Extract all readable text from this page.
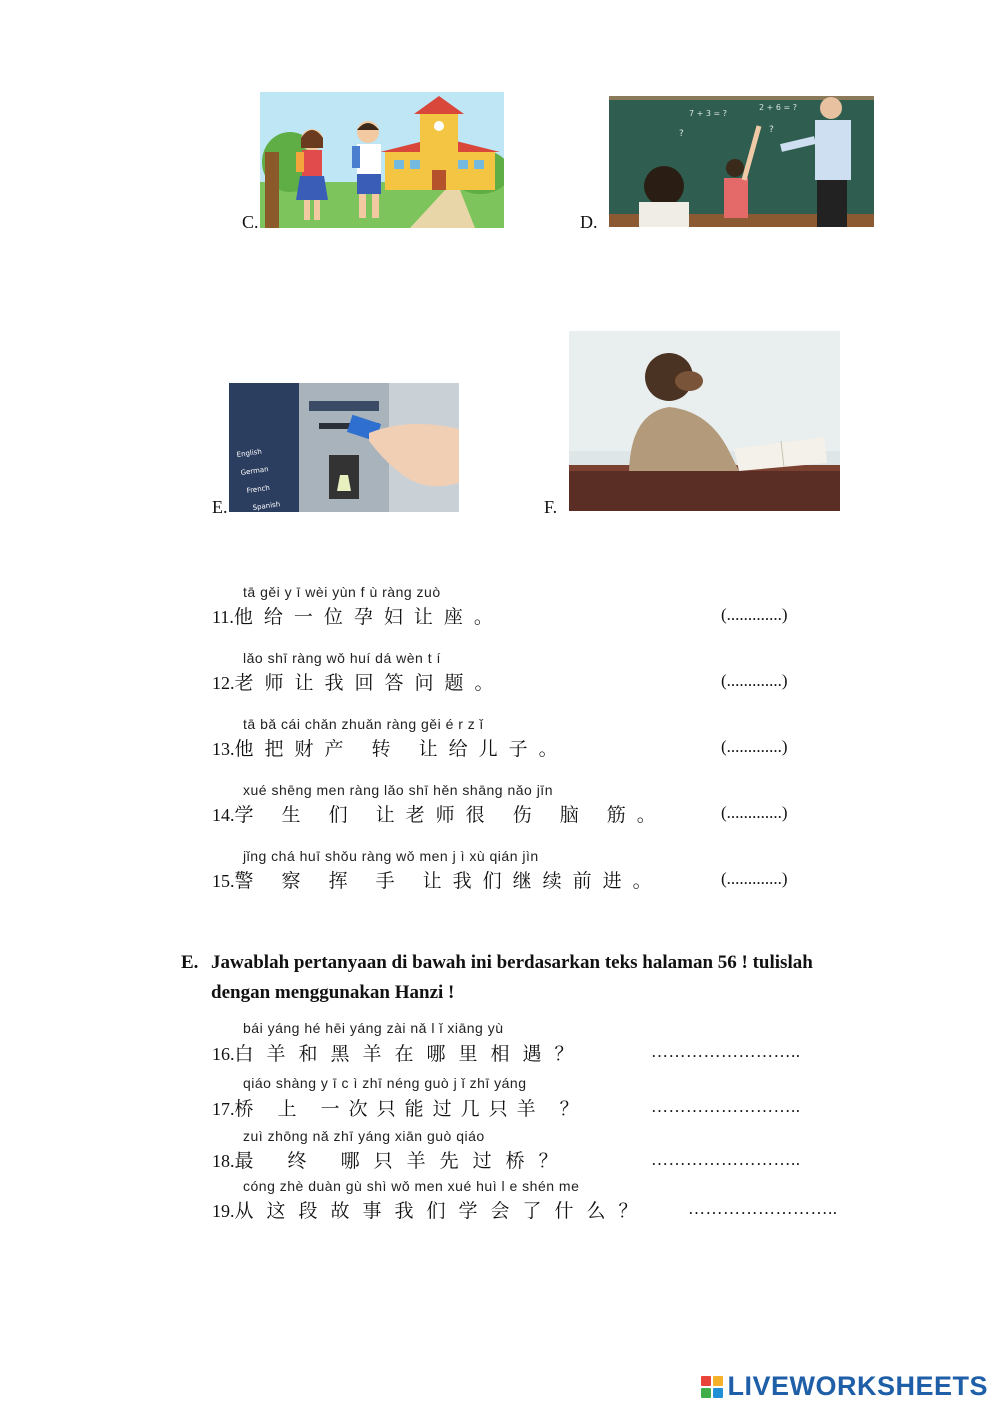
C.	D.
7 + 3 = ?
2 + 6 = ?
?	?
E.
English
German
French
Spanish	F.
tā gěi y ī wèi yùn f ù ràng zuò
11.他给一位孕妇让座。	(.............)
lǎo shī ràng wǒ huí dá wèn t í
12.老师让我回答问题。	(.............)
tā bǎ cái chǎn zhuǎn ràng gěi é r z ǐ
13.他把财产 转 让给儿子。	(.............)
xué shēng men ràng lǎo shī hěn shāng nǎo jīn
14.学 生 们 让老师很 伤 脑 筋。	(.............)
jǐng chá huī shǒu ràng wǒ men j ì xù qián jìn
15.警 察 挥 手 让我们继续前进。	(.............)
E. Jawablah pertanyaan di bawah ini berdasarkan teks halaman 56 ! tulislah dengan menggunakan Hanzi !
bái yáng hé hēi yáng zài nǎ l ǐ xiāng yù
16.白羊和黑羊在哪里相遇？	……………………..
qiáo shàng y ī c ì zhī néng guò j ǐ zhī yáng
17.桥 上 一次只能过几只羊 ？	……………………..
zuì zhōng nǎ zhī yáng xiān guò qiáo
18.最 终 哪只羊先过桥？	……………………..
cóng zhè duàn gù shì wǒ men xué huì l e shén me
19.从这段故事我们学会了什么？ ……………………..
LIVEWORKSHEETS
